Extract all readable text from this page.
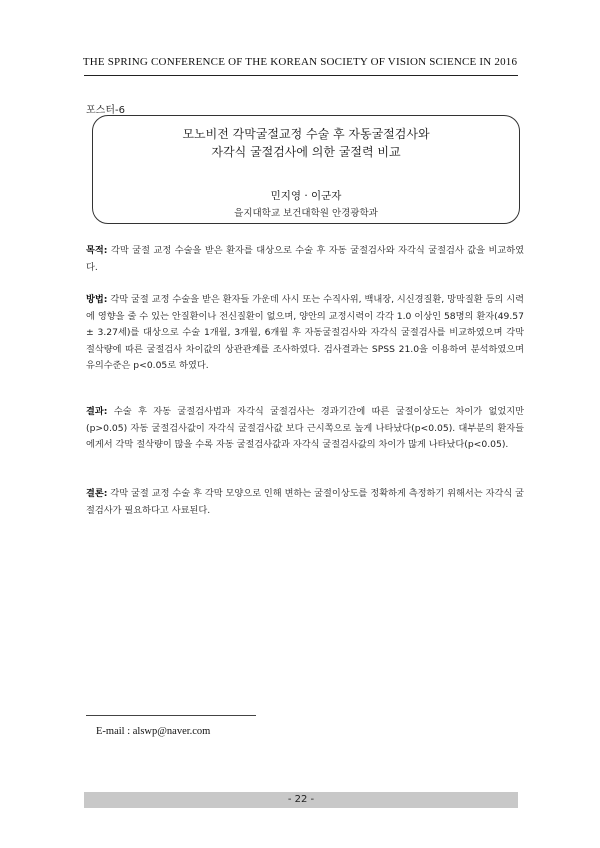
THE SPRING CONFERENCE OF THE KOREAN SOCIETY OF VISION SCIENCE IN 2016
포스터-6
모노비전 각막굴절교정 수술 후 자동굴절검사와
자각식 굴절검사에 의한 굴절력 비교
민지영 · 이군자
을지대학교 보건대학원 안경광학과
목적: 각막 굴절 교정 수술을 받은 환자를 대상으로 수술 후 자동 굴절검사와 자각식 굴절검사 값을 비교하였다.
방법: 각막 굴절 교정 수술을 받은 환자들 가운데 사시 또는 수직사위, 백내장, 시신경질환, 망막질환 등의 시력에 영향을 줄 수 있는 안질환이나 전신질환이 없으며, 양안의 교정시력이 각각 1.0 이상인 58명의 환자(49.57 ± 3.27세)를 대상으로 수술 1개월, 3개월, 6개월 후 자동굴절검사와 자각식 굴절검사를 비교하였으며 각막 절삭량에 따른 굴절검사 차이값의 상관관계를 조사하였다. 검사결과는 SPSS 21.0을 이용하여 분석하였으며 유의수준은 p<0.05로 하였다.
결과: 수술 후 자동 굴절검사법과 자각식 굴절검사는 경과기간에 따른 굴절이상도는 차이가 없었지만(p>0.05) 자동 굴절검사값이 자각식 굴절검사값 보다 근시쪽으로 높게 나타났다(p<0.05). 대부분의 환자들에게서 각막 절삭량이 많을 수록 자동 굴절검사값과 자각식 굴절검사값의 차이가 많게 나타났다(p<0.05).
결론: 각막 굴절 교정 수술 후 각막 모양으로 인해 변하는 굴절이상도를 정확하게 측정하기 위해서는 자각식 굴절검사가 필요하다고 사료된다.
E-mail : alswp@naver.com
- 22 -
